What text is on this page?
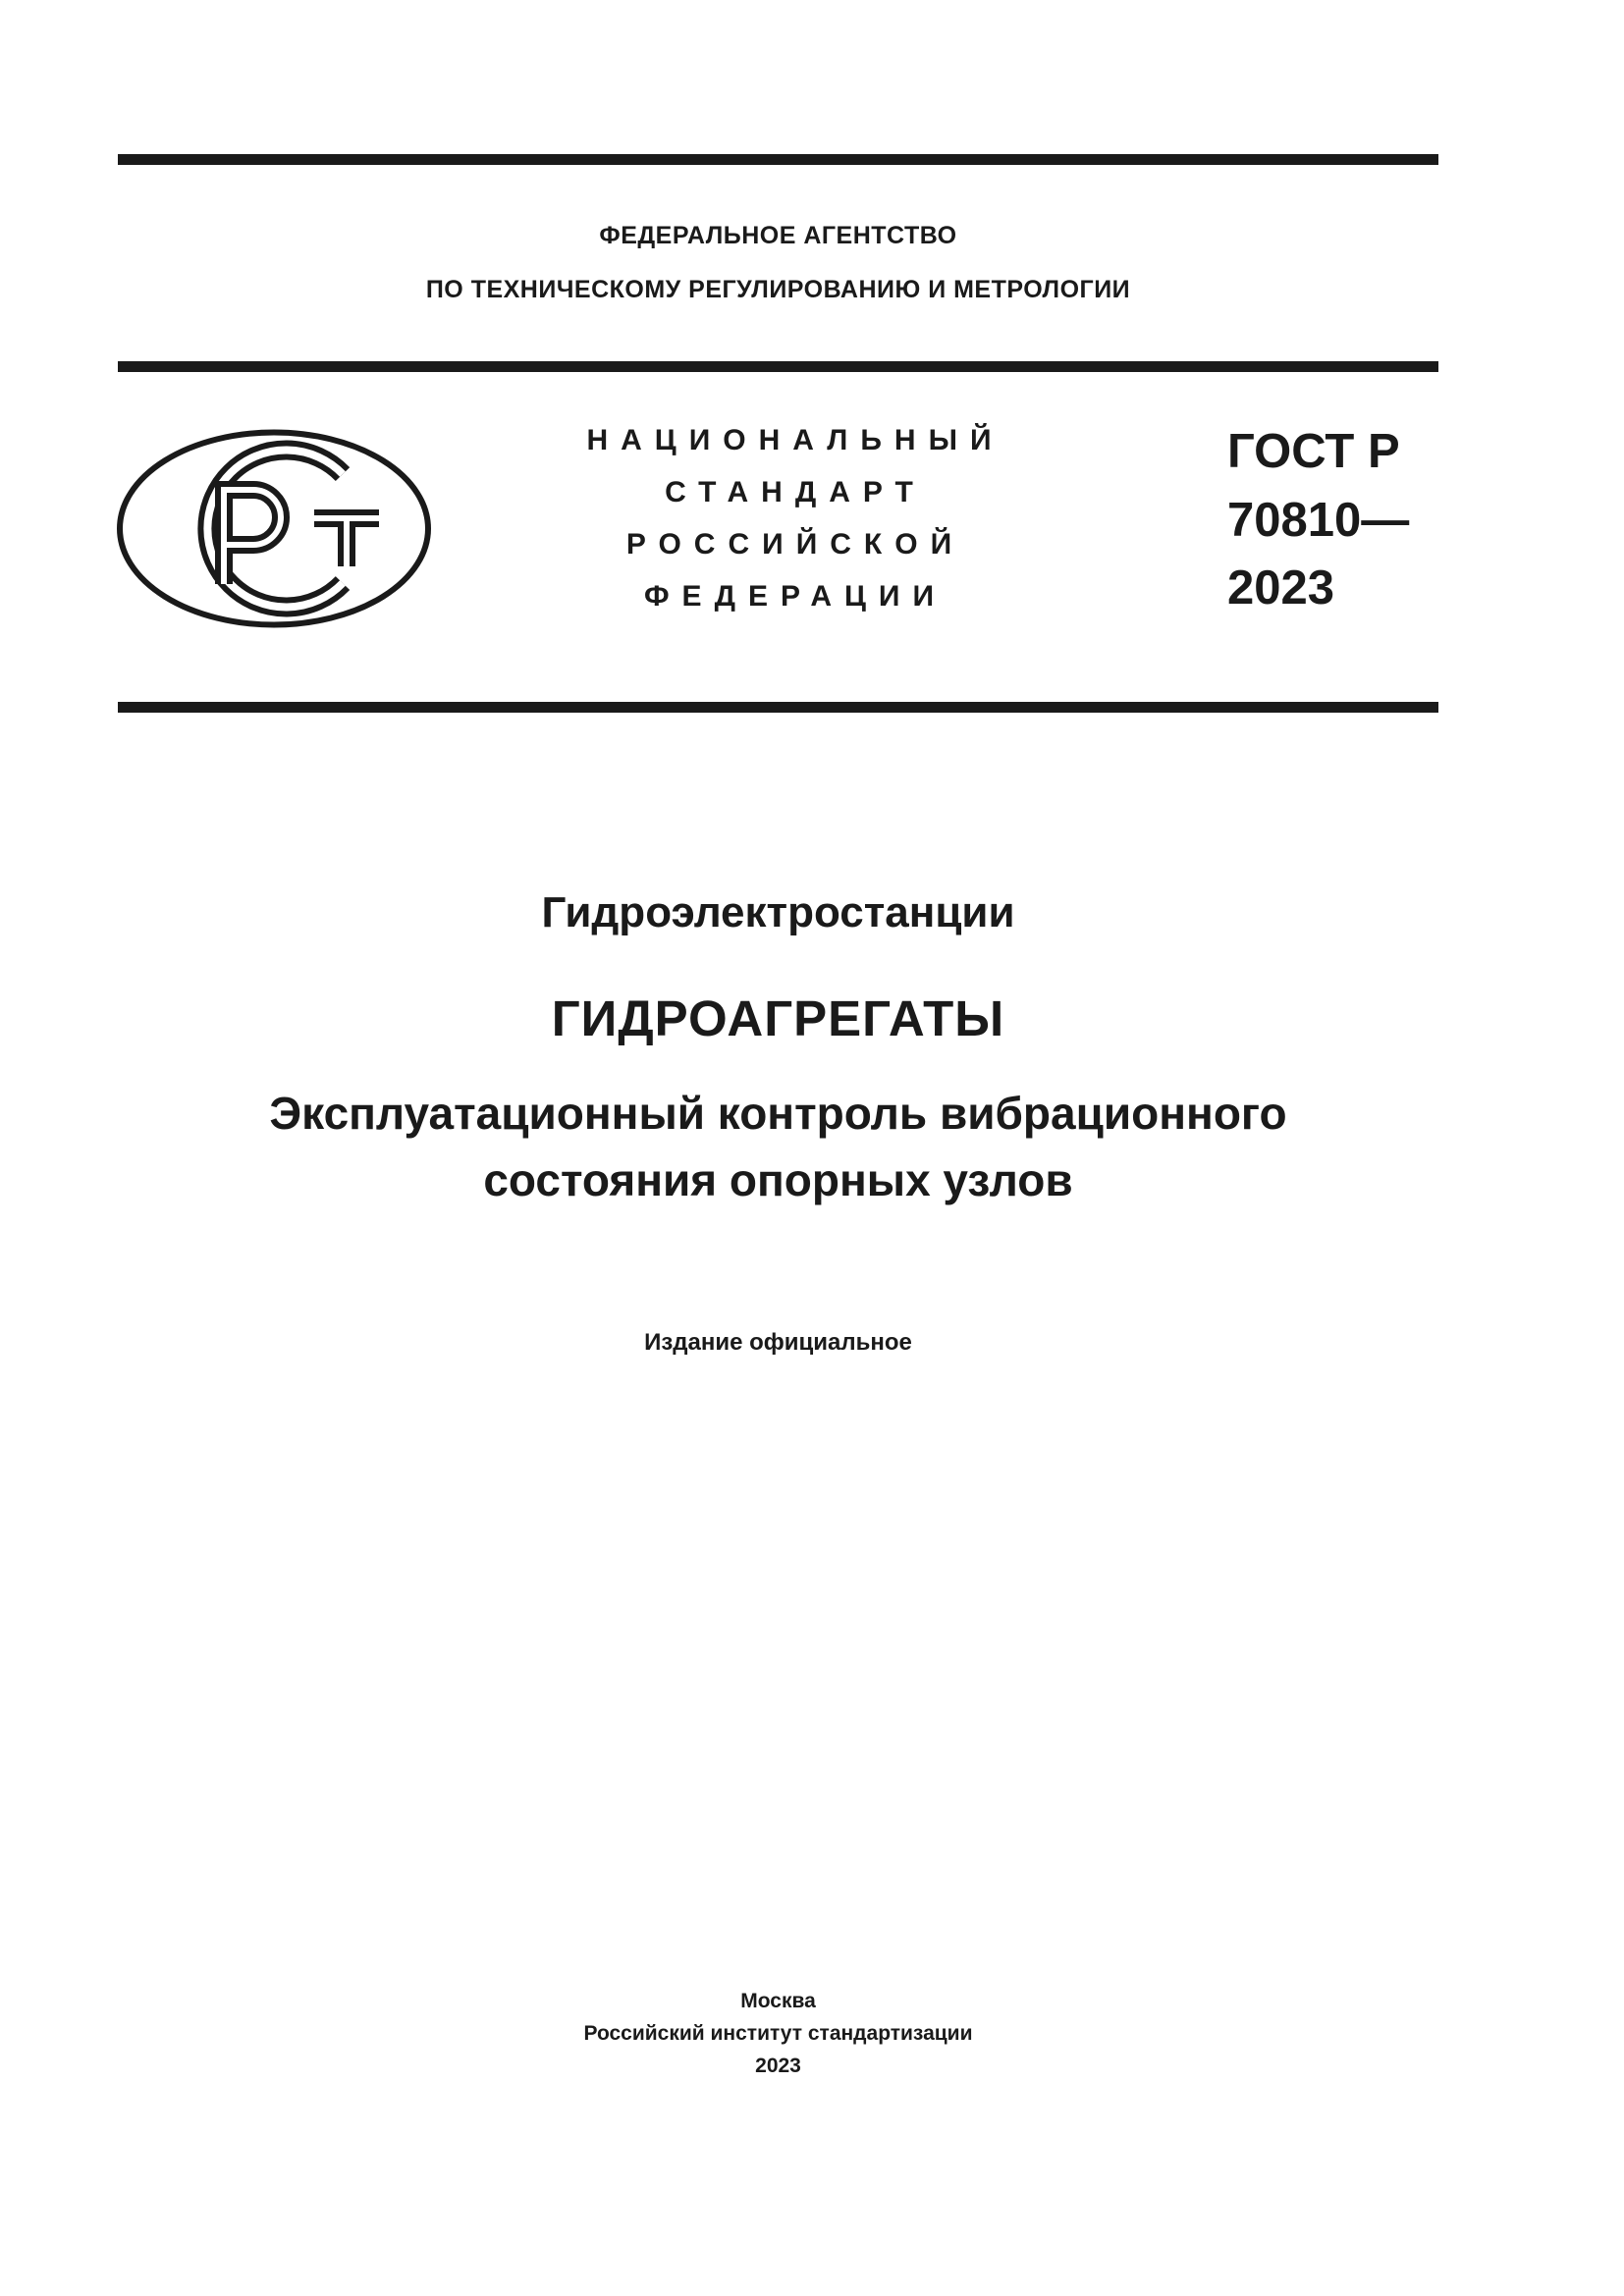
ФЕДЕРАЛЬНОЕ АГЕНТСТВО
ПО ТЕХНИЧЕСКОМУ РЕГУЛИРОВАНИЮ И МЕТРОЛОГИИ
НАЦИОНАЛЬНЫЙ
СТАНДАРТ
РОССИЙСКОЙ
ФЕДЕРАЦИИ
ГОСТ Р
70810—
2023
Гидроэлектростанции
ГИДРОАГРЕГАТЫ
Эксплуатационный контроль вибрационного
состояния опорных узлов
Издание официальное
Москва
Российский институт стандартизации
2023
